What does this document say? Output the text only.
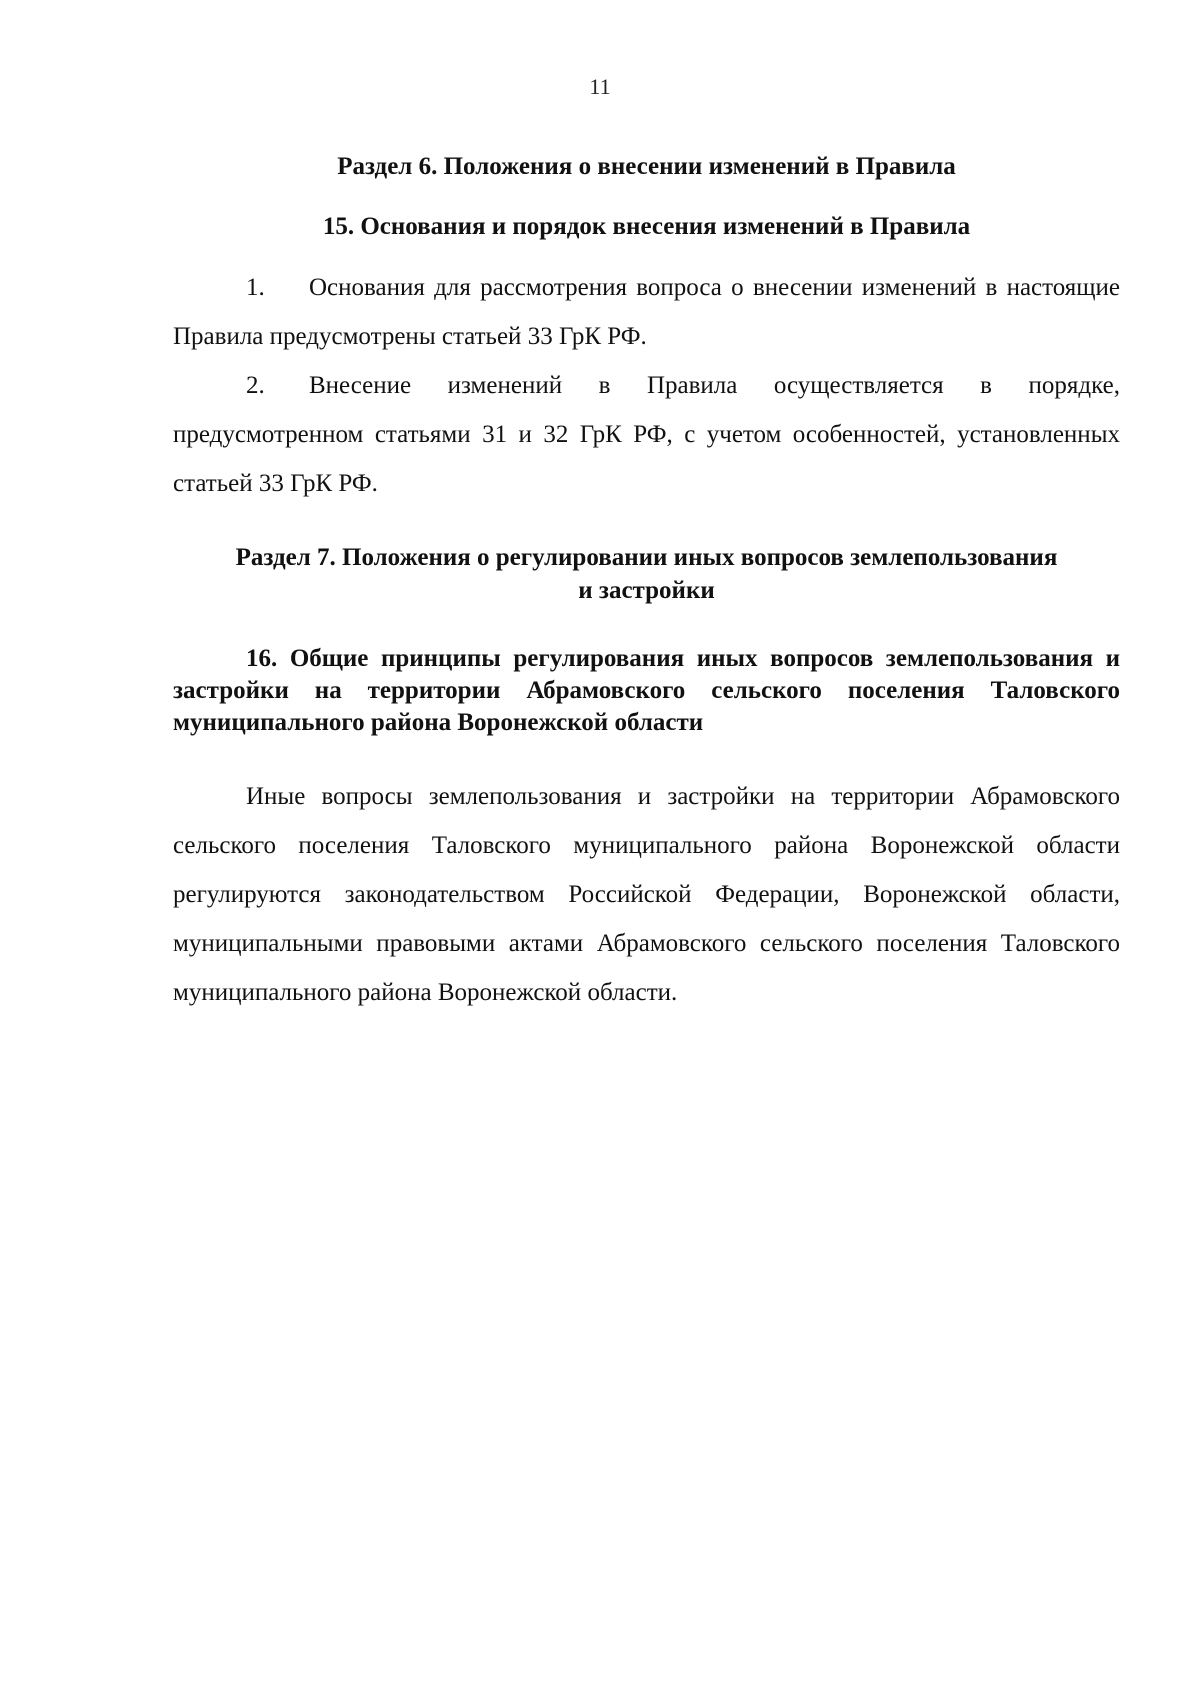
11
Раздел 6. Положения о внесении изменений в Правила
15. Основания и порядок внесения изменений в Правила

1. Основания для рассмотрения вопроса о внесении изменений в настоящие Правила предусмотрены статьей 33 ГрК РФ.

2. Внесение изменений в Правила осуществляется в порядке, предусмотренном статьями 31 и 32 ГрК РФ, с учетом особенностей, установленных статьей 33 ГрК РФ.

Раздел 7. Положения о регулировании иных вопросов землепользования
и застройки
16. Общие принципы регулирования иных вопросов землепользования и застройки на территории Абрамовского сельского поселения Таловского муниципального района Воронежской области

Иные вопросы землепользования и застройки на территории Абрамовского сельского поселения Таловского муниципального района Воронежской области регулируются законодательством Российской Федерации, Воронежской области, муниципальными правовыми актами Абрамовского сельского поселения Таловского муниципального района Воронежской области.
